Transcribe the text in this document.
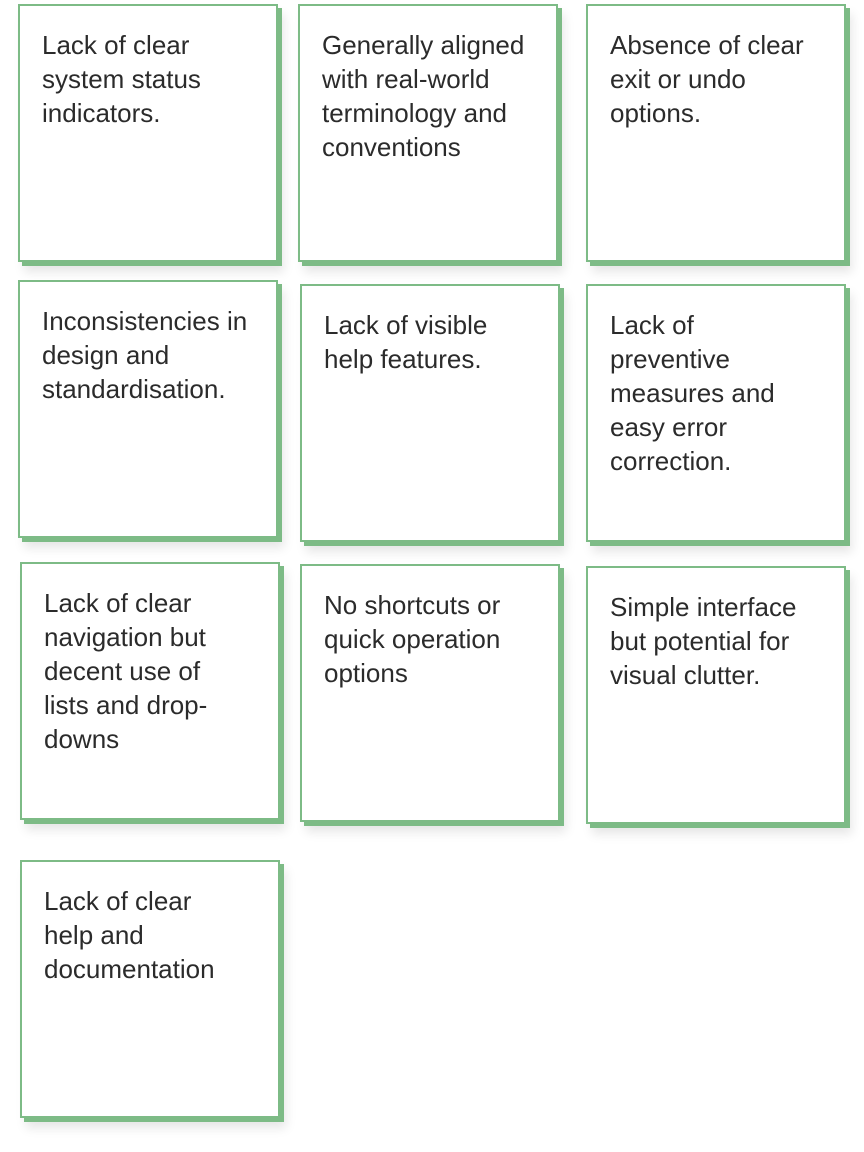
Lack of clear system status indicators.

Generally aligned with real-world terminology and conventions

Absence of clear exit or undo options.

Inconsistencies in design and standardisation.

Lack of visible help features.

Lack of preventive measures and easy error correction.

Lack of clear navigation but decent use of lists and drop-downs

No shortcuts or quick operation options

Simple interface but potential for visual clutter.

Lack of clear help and documentation
